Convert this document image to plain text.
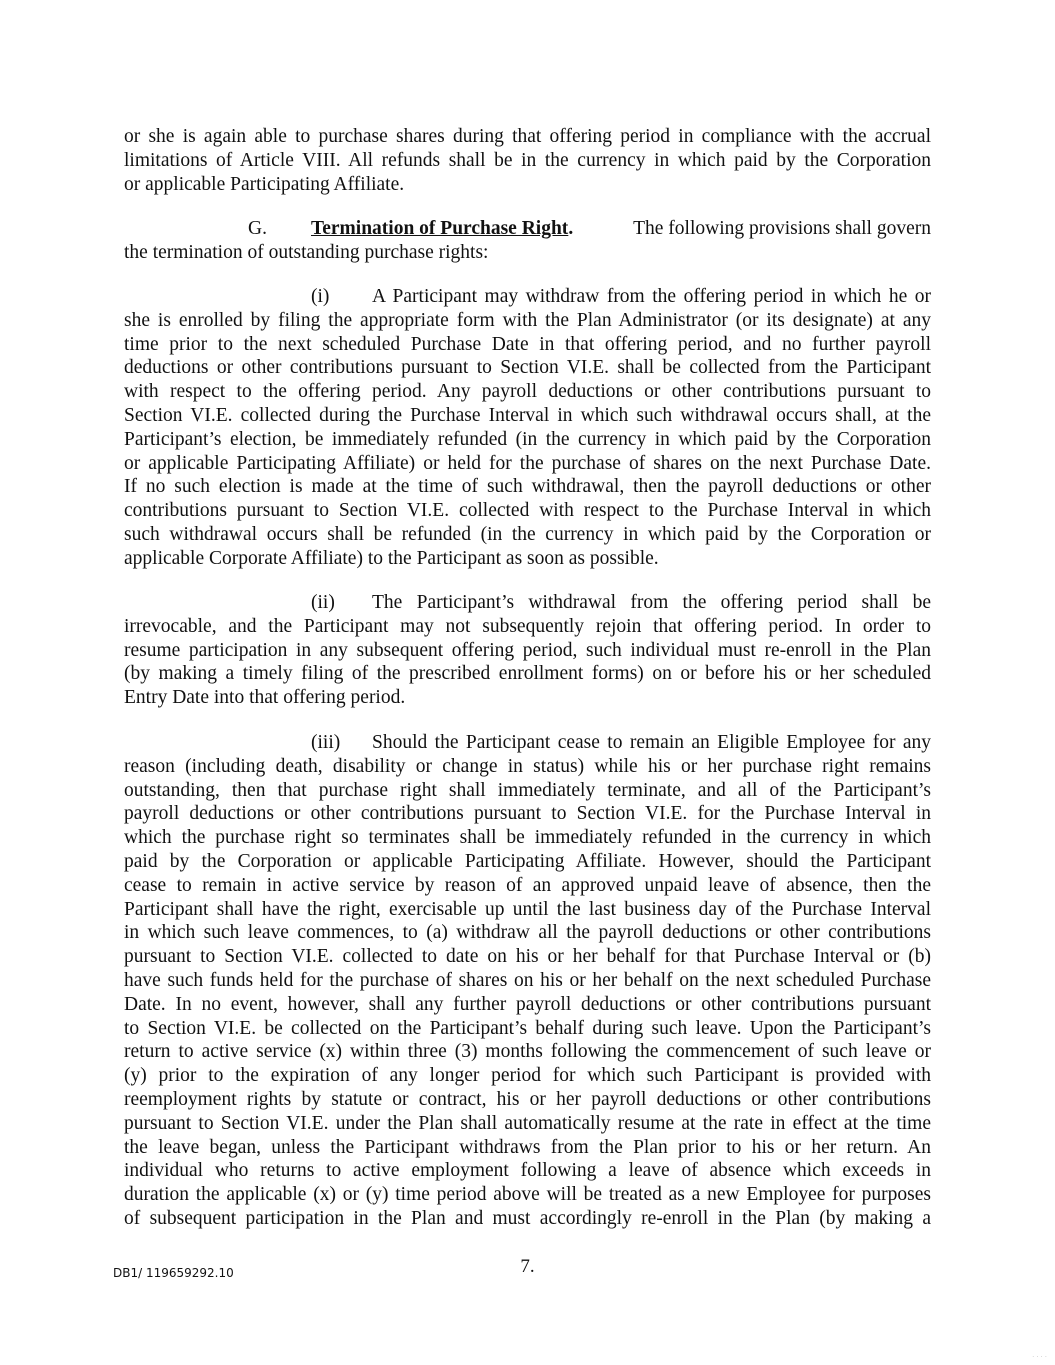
or she is again able to purchase shares during that offering period in compliance with the accrual
limitations of Article VIII. All refunds shall be in the currency in which paid by the Corporation
or applicable Participating Affiliate.
G. Termination of Purchase Right.	The following provisions shall govern
the termination of outstanding purchase rights:
(i) A Participant may withdraw from the offering period in which he or
she is enrolled by filing the appropriate form with the Plan Administrator (or its designate) at any
time prior to the next scheduled Purchase Date in that offering period, and no further payroll
deductions or other contributions pursuant to Section VI.E. shall be collected from the Participant
with respect to the offering period. Any payroll deductions or other contributions pursuant to
Section VI.E. collected during the Purchase Interval in which such withdrawal occurs shall, at the
Participant’s election, be immediately refunded (in the currency in which paid by the Corporation
or applicable Participating Affiliate) or held for the purchase of shares on the next Purchase Date.
If no such election is made at the time of such withdrawal, then the payroll deductions or other
contributions pursuant to Section VI.E. collected with respect to the Purchase Interval in which
such withdrawal occurs shall be refunded (in the currency in which paid by the Corporation or
applicable Corporate Affiliate) to the Participant as soon as possible.
(ii) The Participant’s withdrawal from the offering period shall be
irrevocable, and the Participant may not subsequently rejoin that offering period. In order to
resume participation in any subsequent offering period, such individual must re-enroll in the Plan
(by making a timely filing of the prescribed enrollment forms) on or before his or her scheduled
Entry Date into that offering period.
(iii) Should the Participant cease to remain an Eligible Employee for any
reason (including death, disability or change in status) while his or her purchase right remains
outstanding, then that purchase right shall immediately terminate, and all of the Participant’s
payroll deductions or other contributions pursuant to Section VI.E. for the Purchase Interval in
which the purchase right so terminates shall be immediately refunded in the currency in which
paid by the Corporation or applicable Participating Affiliate. However, should the Participant
cease to remain in active service by reason of an approved unpaid leave of absence, then the
Participant shall have the right, exercisable up until the last business day of the Purchase Interval
in which such leave commences, to (a) withdraw all the payroll deductions or other contributions
pursuant to Section VI.E. collected to date on his or her behalf for that Purchase Interval or (b)
have such funds held for the purchase of shares on his or her behalf on the next scheduled Purchase
Date. In no event, however, shall any further payroll deductions or other contributions pursuant
to Section VI.E. be collected on the Participant’s behalf during such leave. Upon the Participant’s
return to active service (x) within three (3) months following the commencement of such leave or
(y) prior to the expiration of any longer period for which such Participant is provided with
reemployment rights by statute or contract, his or her payroll deductions or other contributions
pursuant to Section VI.E. under the Plan shall automatically resume at the rate in effect at the time
the leave began, unless the Participant withdraws from the Plan prior to his or her return. An
individual who returns to active employment following a leave of absence which exceeds in
duration the applicable (x) or (y) time period above will be treated as a new Employee for purposes
of subsequent participation in the Plan and must accordingly re-enroll in the Plan (by making a
DB1/ 119659292.10	7.
····
